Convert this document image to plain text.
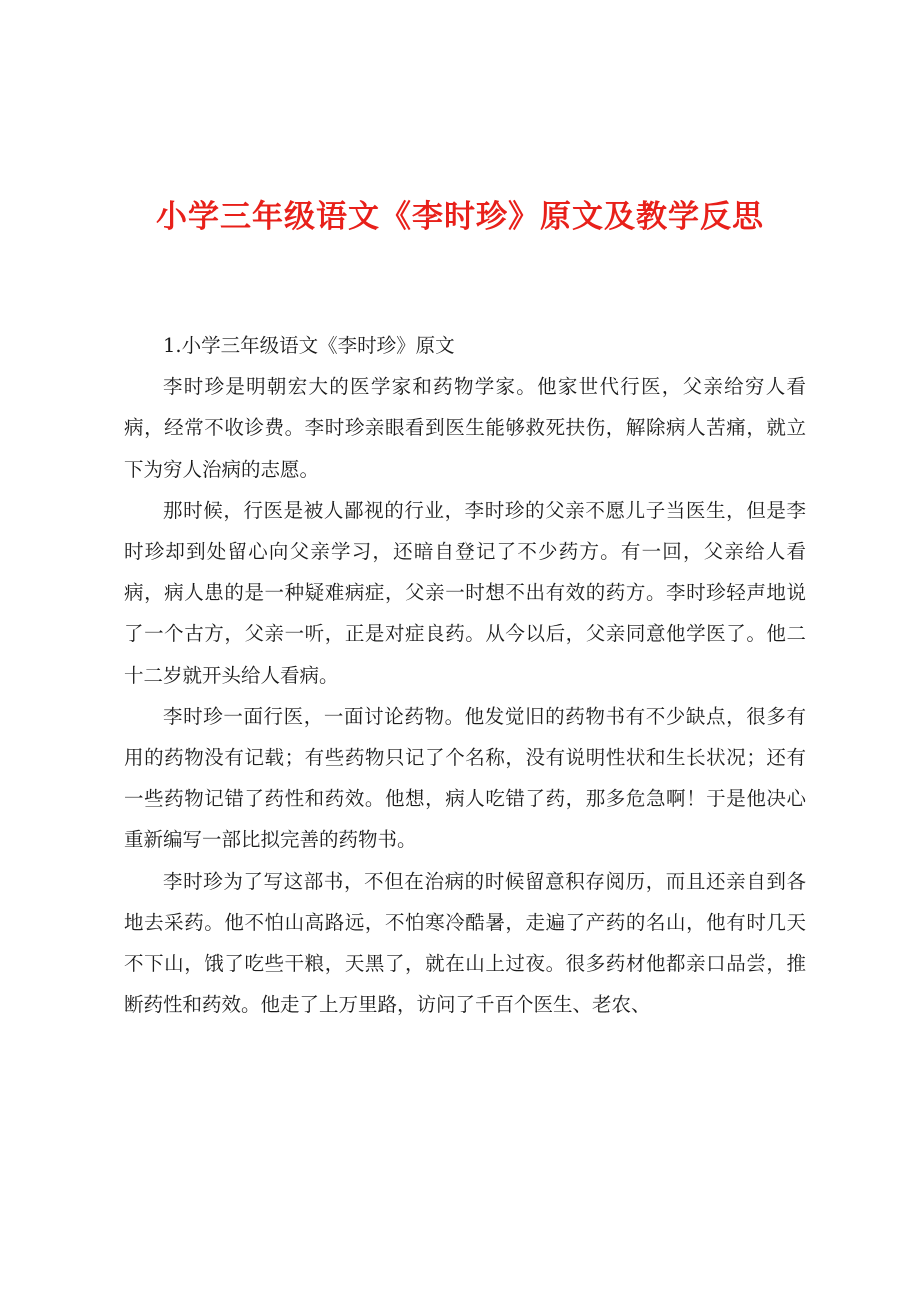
小学三年级语文《李时珍》原文及教学反思

1.小学三年级语文《李时珍》原文

李时珍是明朝宏大的医学家和药物学家。他家世代行医，父亲给穷人看病，经常不收诊费。李时珍亲眼看到医生能够救死扶伤，解除病人苦痛，就立下为穷人治病的志愿。

那时候，行医是被人鄙视的行业，李时珍的父亲不愿儿子当医生，但是李时珍却到处留心向父亲学习，还暗自登记了不少药方。有一回，父亲给人看病，病人患的是一种疑难病症，父亲一时想不出有效的药方。李时珍轻声地说了一个古方，父亲一听，正是对症良药。从今以后，父亲同意他学医了。他二十二岁就开头给人看病。

李时珍一面行医，一面讨论药物。他发觉旧的药物书有不少缺点，很多有用的药物没有记载；有些药物只记了个名称，没有说明性状和生长状况；还有一些药物记错了药性和药效。他想，病人吃错了药，那多危急啊！于是他决心重新编写一部比拟完善的药物书。

李时珍为了写这部书，不但在治病的时候留意积存阅历，而且还亲自到各地去采药。他不怕山高路远，不怕寒冷酷暑，走遍了产药的名山，他有时几天不下山，饿了吃些干粮，天黑了，就在山上过夜。很多药材他都亲口品尝，推断药性和药效。他走了上万里路，访问了千百个医生、老农、
